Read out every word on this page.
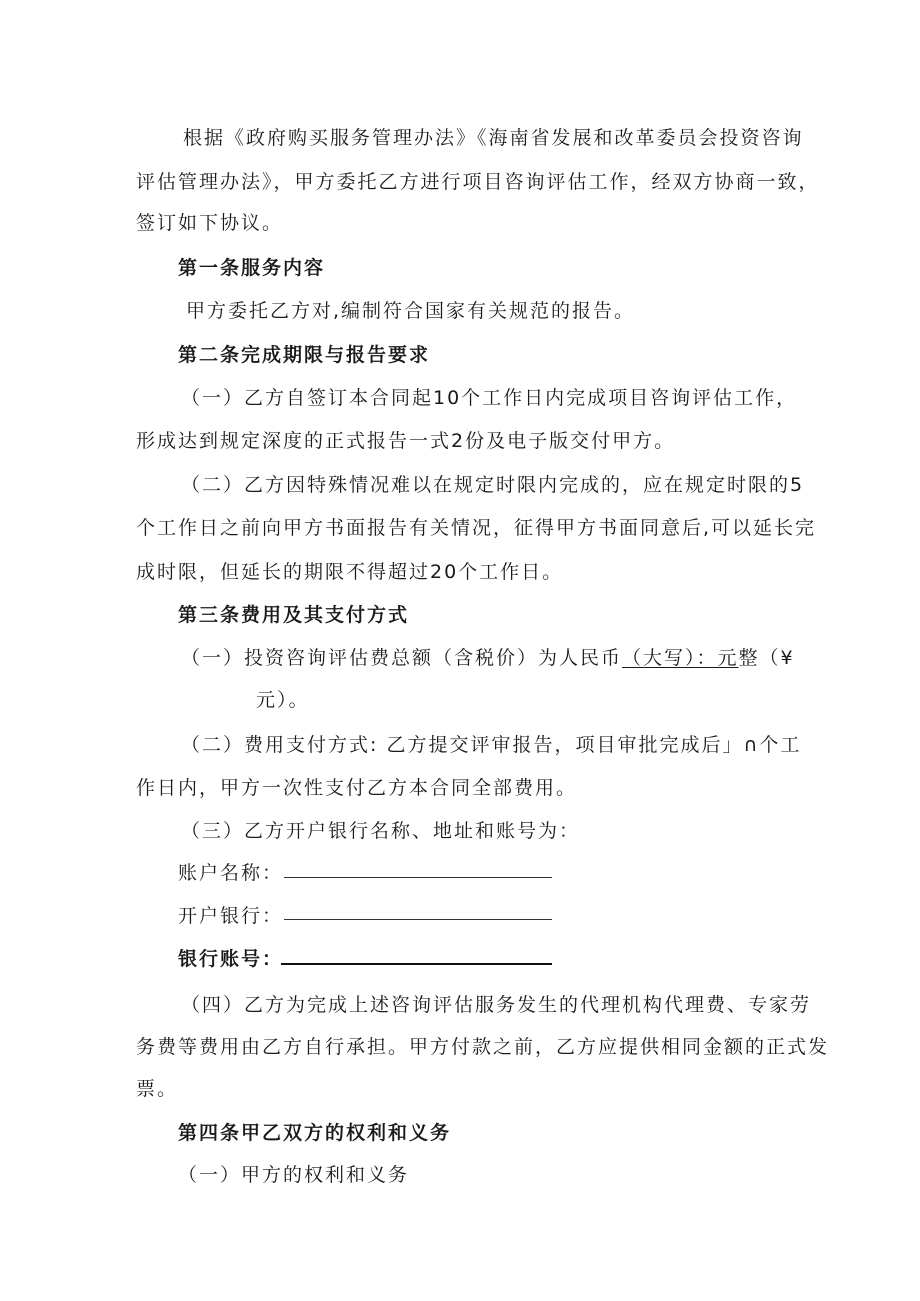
根据《政府购买服务管理办法》《海南省发展和改革委员会投资咨询
评估管理办法》，甲方委托乙方进行项目咨询评估工作，经双方协商一致，
签订如下协议。
第一条服务内容
甲方委托乙方对,编制符合国家有关规范的报告。
第二条完成期限与报告要求
（一）乙方自签订本合同起10个工作日内完成项目咨询评估工作，
形成达到规定深度的正式报告一式2份及电子版交付甲方。
（二）乙方因特殊情况难以在规定时限内完成的，应在规定时限的5
个工作日之前向甲方书面报告有关情况，征得甲方书面同意后,可以延长完
成时限，但延长的期限不得超过20个工作日。
第三条费用及其支付方式
（一）投资咨询评估费总额（含税价）为人民币（大写）：元整（¥
元）。
（二）费用支付方式: 乙方提交评审报告，项目审批完成后」∩个工
作日内，甲方一次性支付乙方本合同全部费用。
（三）乙方开户银行名称、地址和账号为：
账户名称：
开户银行：
银行账号：
（四）乙方为完成上述咨询评估服务发生的代理机构代理费、专家劳
务费等费用由乙方自行承担。甲方付款之前，乙方应提供相同金额的正式发
票。
第四条甲乙双方的权利和义务
（一）甲方的权利和义务
